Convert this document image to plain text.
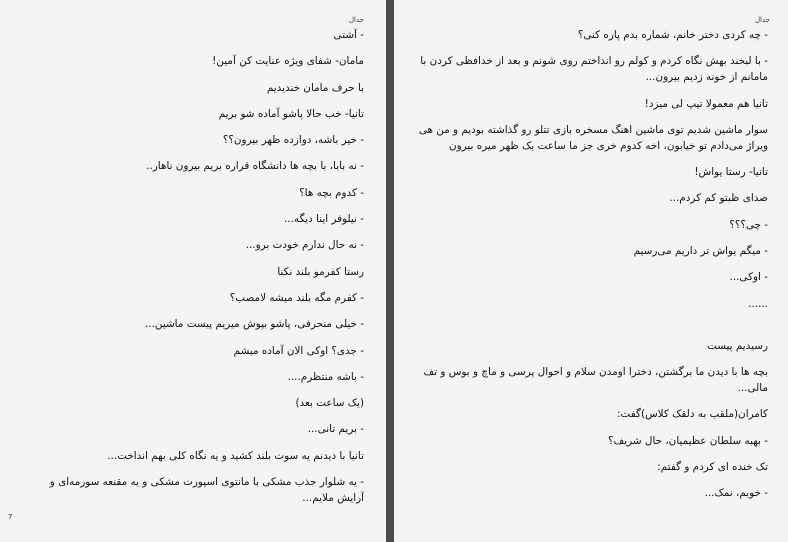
جدال

- آشتی

مامان- شفای ویژه عنایت کن آمین!

با حرف مامان خندیدیم

تانیا- خب حالا پاشو آماده شو بریم

- خیر باشه، دوازده ظهر بیرون؟؟

- نه بابا، با بچه ها دانشگاه قراره بریم بیرون ناهار..

- کدوم بچه ها؟

- نیلوفر اینا دیگه...

- نه حال ندارم خودت برو...

رستا کفرمو بلند نکنا

- کفرم مگه بلند میشه لامصب؟

- خیلی منحرفی، پاشو بپوش میریم پیست ماشین...

- جدی؟ اوکی الان آماده میشم

- باشه منتظرم....

(یک ساعت بعد)

- بریم تانی...

تانیا با دیدنم یه سوت بلند کشید و یه نگاه کلی بهم انداخت...

- یه شلوار جذب مشکی با مانتوی اسپورت مشکی و یه مقنعه سورمه‌ای و آرایش ملایم...

7
جدال

- چه کردی دختر خانم، شماره بدم پاره کنی؟

- با لبخند بهش نگاه کردم و کولم رو انداختم روی شونم و بعد از خدافظی کردن با مامانم از خونه زدیم بیرون...

تانیا هم معمولا تیپ لی میزد!

سوار ماشین شدیم توی ماشین اهنگ مسخره بازی تتلو رو گذاشته بودیم و من هی ویراژ می‌دادم تو خیابون، اخه کدوم خری جز ما ساعت یک ظهر میره بیرون

تانیا- رستا یواش!

صدای ظبتو کم کردم...

- چی؟؟؟

- میگم یواش تر داریم می‌رسیم

- اوکی...

......

رسیدیم پیست

بچه ها با دیدن ما برگشتن، دخترا اومدن سلام و احوال پرسی و ماچ و بوس و تف مالی...

کامران(ملقب به دلقک کلاس)گفت:

- بهبه سلطان عظیمیان، حال شریف؟

تک خنده ای کردم و گفتم:

- خوبم، نمک...
